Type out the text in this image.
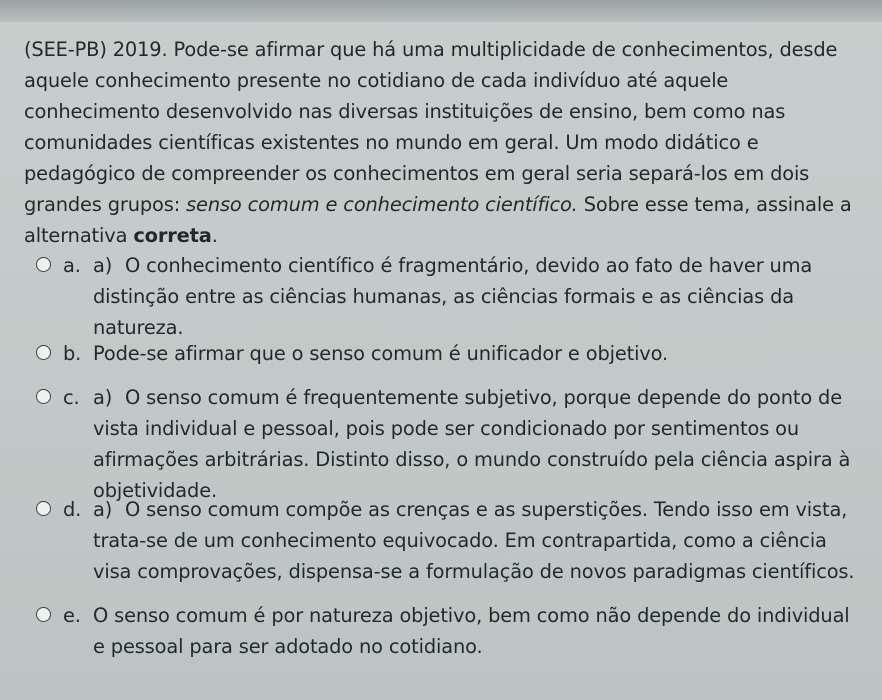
(SEE-PB) 2019. Pode-se afirmar que há uma multiplicidade de conhecimentos, desde aquele conhecimento presente no cotidiano de cada indivíduo até aquele conhecimento desenvolvido nas diversas instituições de ensino, bem como nas comunidades científicas existentes no mundo em geral. Um modo didático e pedagógico de compreender os conhecimentos em geral seria separá-los em dois grandes grupos: senso comum e conhecimento científico. Sobre esse tema, assinale a alternativa correta.

a. a) O conhecimento científico é fragmentário, devido ao fato de haver uma distinção entre as ciências humanas, as ciências formais e as ciências da natureza.
b. Pode-se afirmar que o senso comum é unificador e objetivo.
c. a) O senso comum é frequentemente subjetivo, porque depende do ponto de vista individual e pessoal, pois pode ser condicionado por sentimentos ou afirmações arbitrárias. Distinto disso, o mundo construído pela ciência aspira à objetividade.
d. a) O senso comum compõe as crenças e as superstições. Tendo isso em vista, trata-se de um conhecimento equivocado. Em contrapartida, como a ciência visa comprovações, dispensa-se a formulação de novos paradigmas científicos.
e. O senso comum é por natureza objetivo, bem como não depende do individual e pessoal para ser adotado no cotidiano.
